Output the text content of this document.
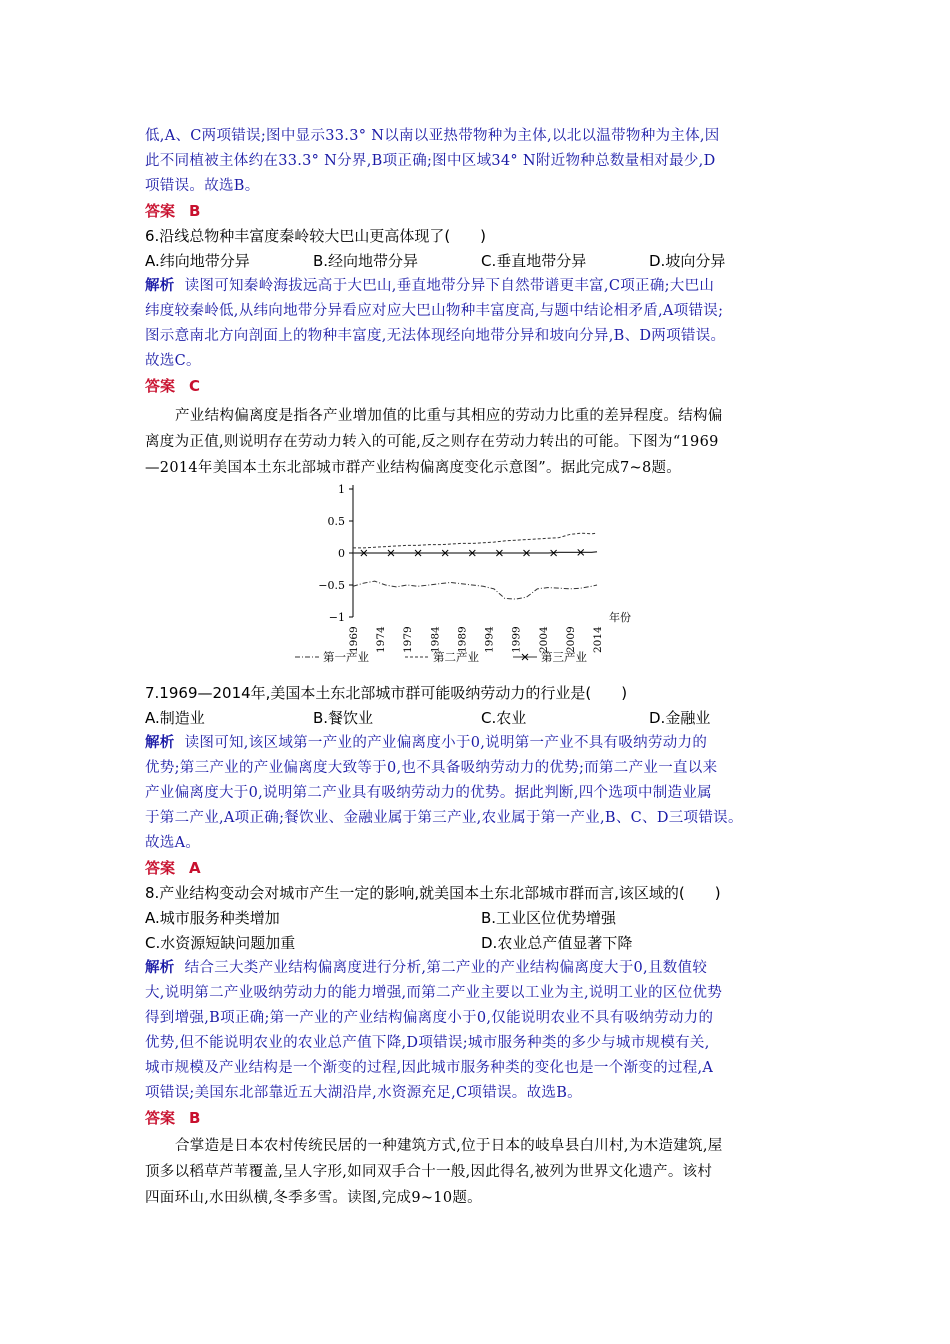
低,A、C两项错误;图中显示33.3° N以南以亚热带物种为主体,以北以温带物种为主体,因
此不同植被主体约在33.3° N分界,B项正确;图中区域34° N附近物种总数量相对最少,D
项错误。故选B。
答案 B
6.沿线总物种丰富度秦岭较大巴山更高体现了(　　)
A.纬向地带分异	B.经向地带分异	C.垂直地带分异	D.坡向分异
解析 读图可知秦岭海拔远高于大巴山,垂直地带分异下自然带谱更丰富,C项正确;大巴山
纬度较秦岭低,从纬向地带分异看应对应大巴山物种丰富度高,与题中结论相矛盾,A项错误;
图示意南北方向剖面上的物种丰富度,无法体现经向地带分异和坡向分异,B、D两项错误。
故选C。
答案 C
产业结构偏离度是指各产业增加值的比重与其相应的劳动力比重的差异程度。结构偏
离度为正值,则说明存在劳动力转入的可能,反之则存在劳动力转出的可能。下图为“1969
—2014年美国本土东北部城市群产业结构偏离度变化示意图”。据此完成7~8题。
1
0.5
0
−0.5
−1
1969 1974 1979 1984 1989 1994 1999 2004 2009 2014
年份
第一产业	第二产业	第三产业
7.1969—2014年,美国本土东北部城市群可能吸纳劳动力的行业是(　　)
A.制造业	B.餐饮业	C.农业	D.金融业
解析 读图可知,该区域第一产业的产业偏离度小于0,说明第一产业不具有吸纳劳动力的
优势;第三产业的产业偏离度大致等于0,也不具备吸纳劳动力的优势;而第二产业一直以来
产业偏离度大于0,说明第二产业具有吸纳劳动力的优势。据此判断,四个选项中制造业属
于第二产业,A项正确;餐饮业、金融业属于第三产业,农业属于第一产业,B、C、D三项错误。
故选A。
答案 A
8.产业结构变动会对城市产生一定的影响,就美国本土东北部城市群而言,该区域的(　　)
A.城市服务种类增加	B.工业区位优势增强
C.水资源短缺问题加重	D.农业总产值显著下降
解析 结合三大类产业结构偏离度进行分析,第二产业的产业结构偏离度大于0,且数值较
大,说明第二产业吸纳劳动力的能力增强,而第二产业主要以工业为主,说明工业的区位优势
得到增强,B项正确;第一产业的产业结构偏离度小于0,仅能说明农业不具有吸纳劳动力的
优势,但不能说明农业的农业总产值下降,D项错误;城市服务种类的多少与城市规模有关,
城市规模及产业结构是一个渐变的过程,因此城市服务种类的变化也是一个渐变的过程,A
项错误;美国东北部靠近五大湖沿岸,水资源充足,C项错误。故选B。
答案 B
合掌造是日本农村传统民居的一种建筑方式,位于日本的岐阜县白川村,为木造建筑,屋
顶多以稻草芦苇覆盖,呈人字形,如同双手合十一般,因此得名,被列为世界文化遗产。该村
四面环山,水田纵横,冬季多雪。读图,完成9~10题。
